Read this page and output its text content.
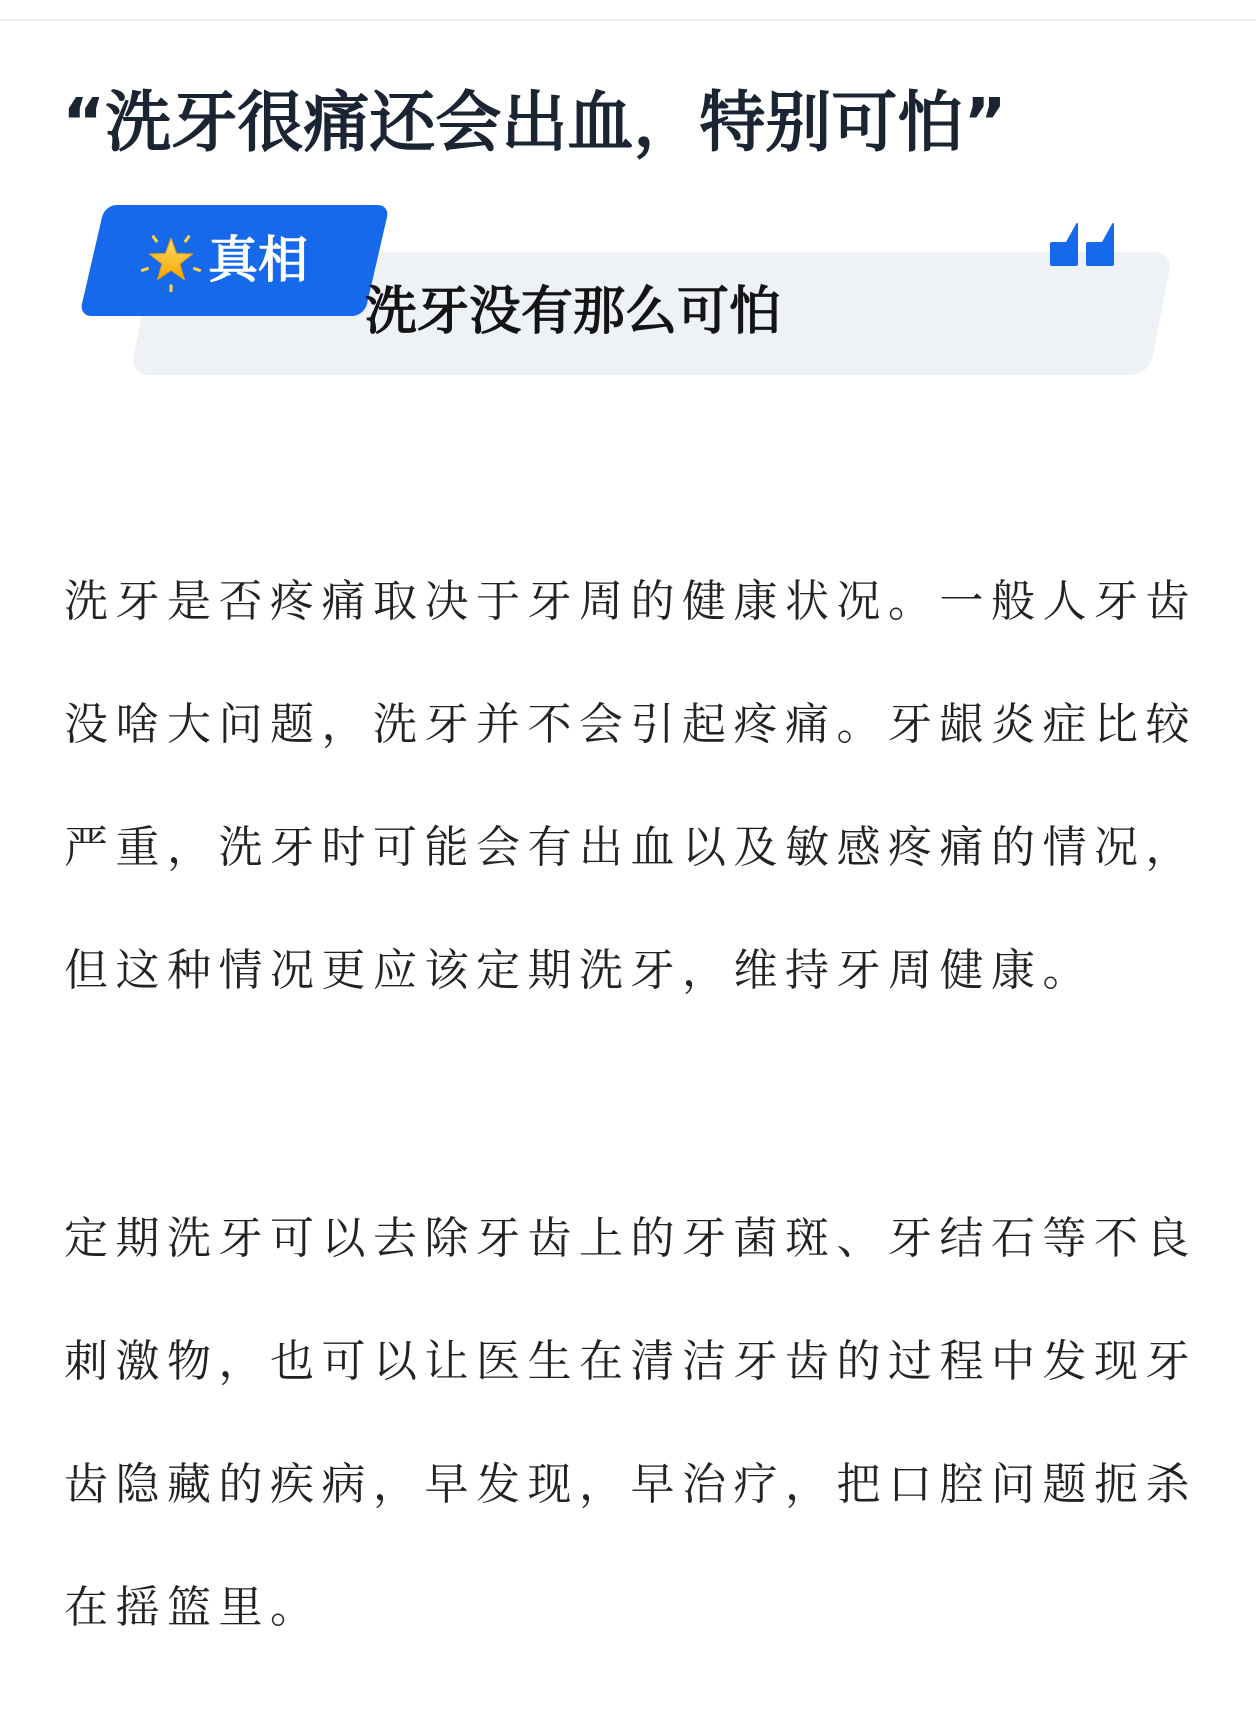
“洗牙很痛还会出血，特别可怕”
真相
洗牙没有那么可怕
洗牙是否疼痛取决于牙周的健康状况。一般人牙齿
没啥大问题，洗牙并不会引起疼痛。牙龈炎症比较
严重，洗牙时可能会有出血以及敏感疼痛的情况，
但这种情况更应该定期洗牙，维持牙周健康。
定期洗牙可以去除牙齿上的牙菌斑、牙结石等不良
刺激物，也可以让医生在清洁牙齿的过程中发现牙
齿隐藏的疾病，早发现，早治疗，把口腔问题扼杀
在摇篮里。
